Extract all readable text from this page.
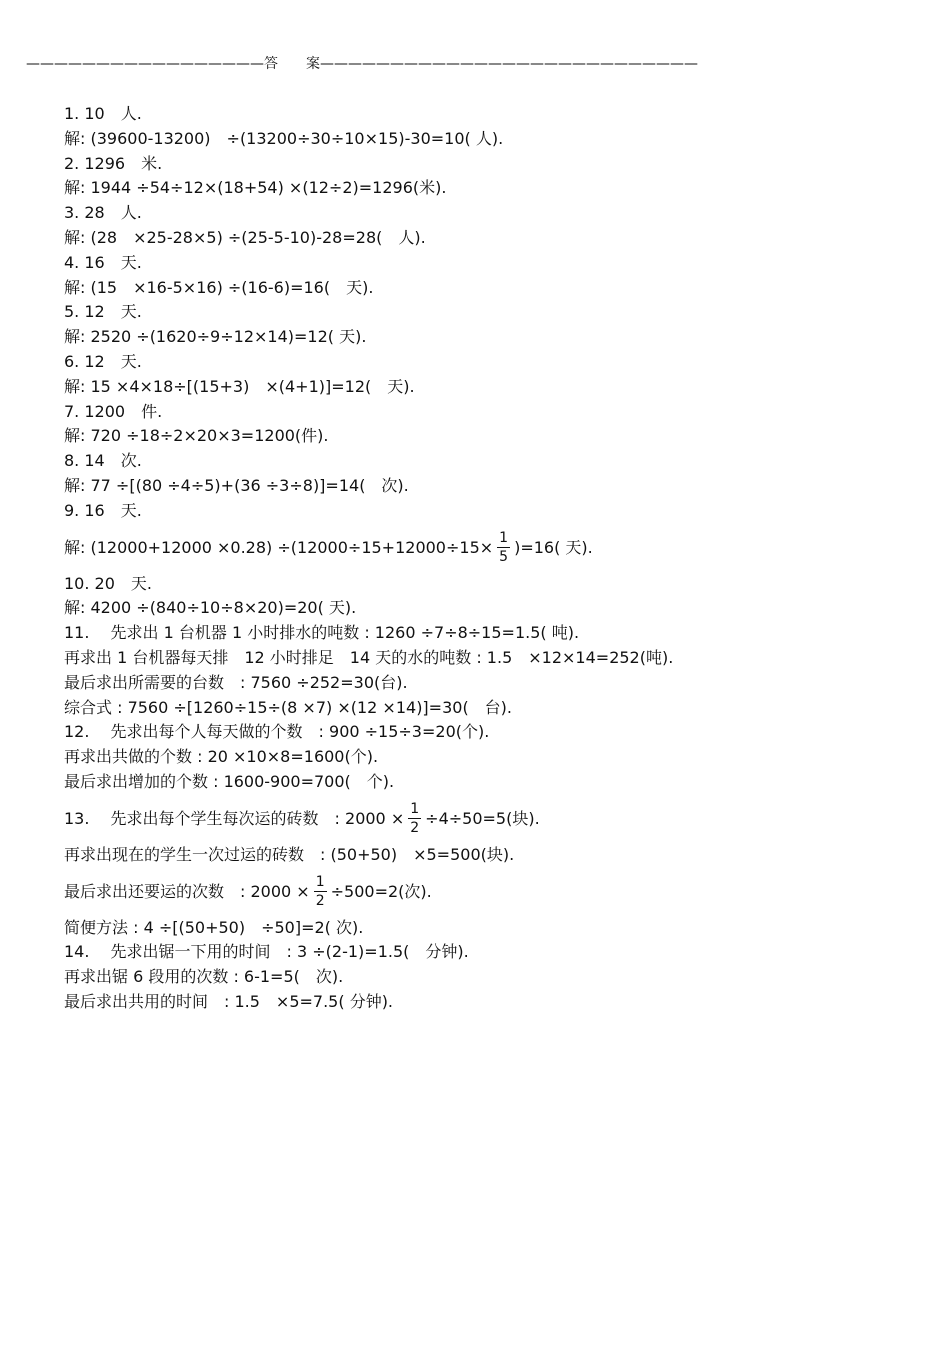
—————————————————答　　案———————————————————————————
1. 10　人.
解: (39600-13200)　÷(13200÷30÷10×15)-30=10( 人).
2. 1296　米.
解: 1944 ÷54÷12×(18+54) ×(12÷2)=1296(米).
3. 28　人.
解: (28　×25-28×5) ÷(25-5-10)-28=28(　人).
4. 16　天.
解: (15　×16-5×16) ÷(16-6)=16(　天).
5. 12　天.
解: 2520 ÷(1620÷9÷12×14)=12( 天).
6. 12　天.
解: 15 ×4×18÷[(15+3)　×(4+1)]=12(　天).
7. 1200　件.
解: 720 ÷18÷2×20×3=1200(件).
8. 14　次.
解: 77 ÷[(80 ÷4÷5)+(36 ÷3÷8)]=14(　次).
9. 16　天.
解: $(12000+12000 \times 0.28) \div(12000\div 15+12000\div 15\times \frac{1}{5} )=16$( 天).
10. 20　天.
解: 4200 ÷(840÷10÷8×20)=20( 天).
11.　 先求出 1 台机器 1 小时排水的吨数 : 1260 ÷7÷8÷15=1.5( 吨).
再求出 1 台机器每天排　12 小时排足　14 天的水的吨数 : 1.5　×12×14=252(吨).
最后求出所需要的台数　: 7560 ÷252=30(台).
综合式 : 7560 ÷[1260÷15÷(8 ×7) ×(12 ×14)]=30(　台).
12.　 先求出每个人每天做的个数　: 900 ÷15÷3=20(个).
再求出共做的个数 : 20 ×10×8=1600(个).
最后求出增加的个数 : 1600-900=700(　个).
13.　 先求出每个学生每次运的砖数　: $2000 \times \frac{1}{2} \div 4\div 50=5$(块).
再求出现在的学生一次过运的砖数　: (50+50)　×5=500(块).
最后求出还要运的次数　: $2000 \times \frac{1}{2} \div 500=2$(次).
简便方法 : 4 ÷[(50+50)　÷50]=2( 次).
14.　 先求出锯一下用的时间　: 3 ÷(2-1)=1.5(　分钟).
再求出锯 6 段用的次数 : 6-1=5(　次).
最后求出共用的时间　: 1.5　×5=7.5( 分钟).
